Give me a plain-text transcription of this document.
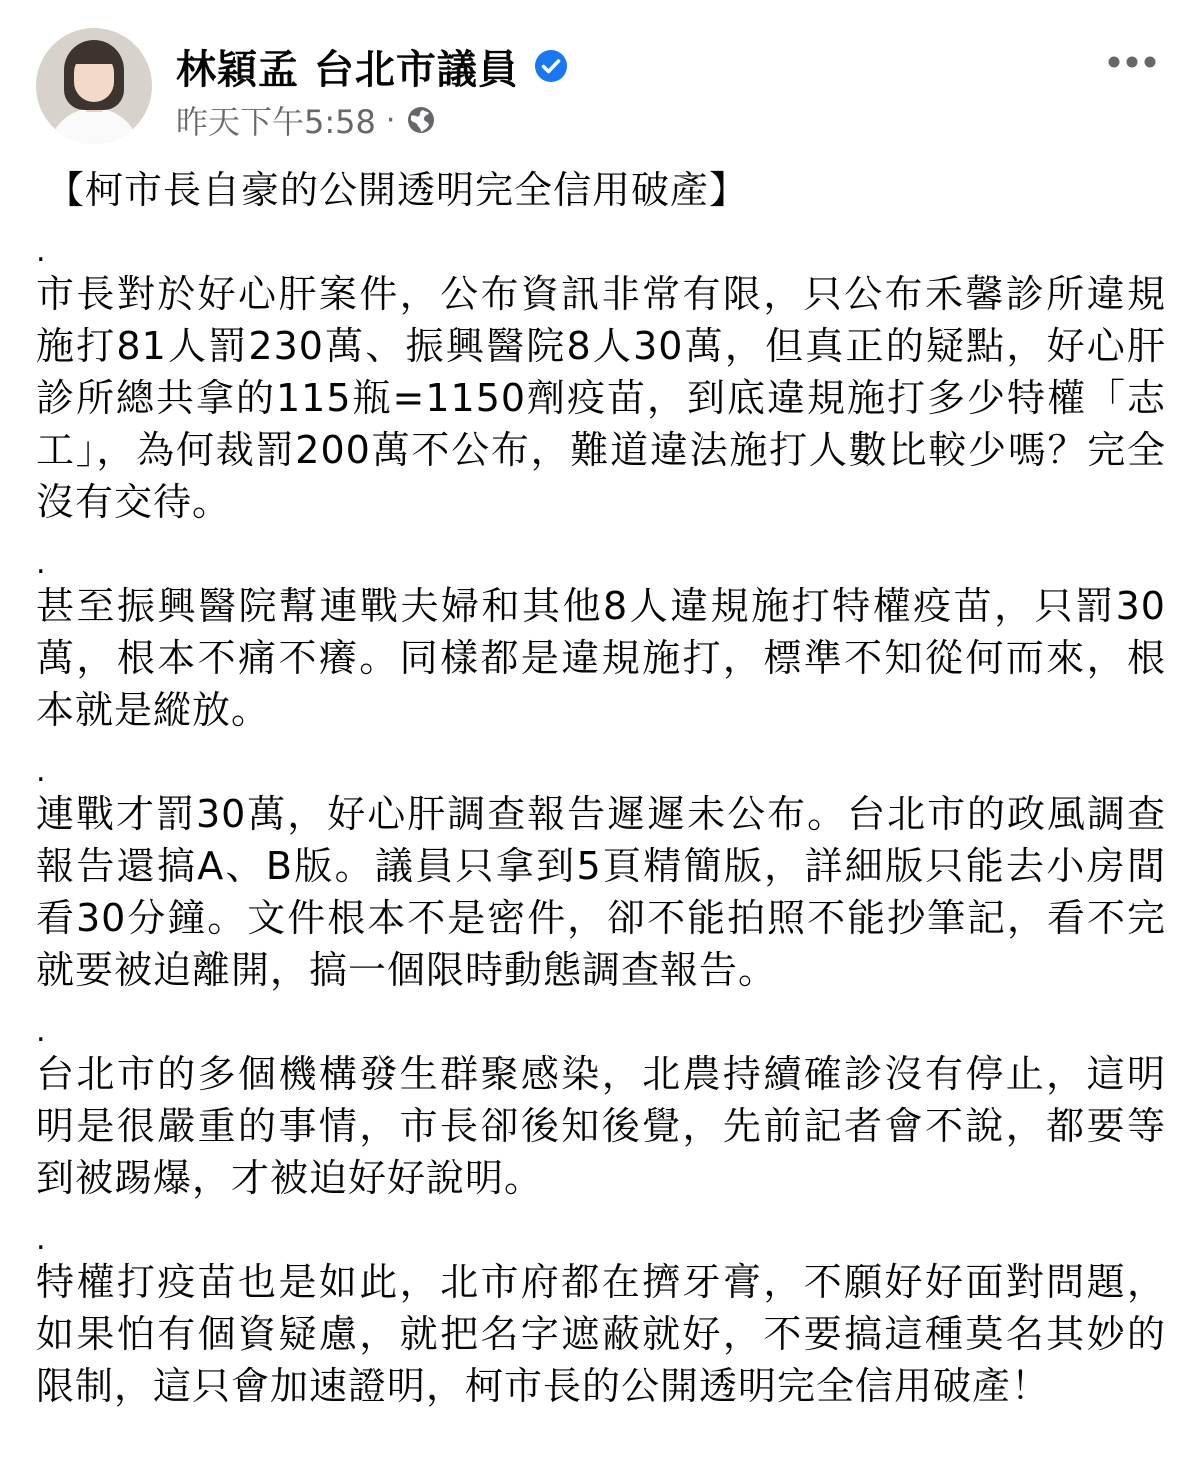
林穎孟 台北市議員
昨天下午5:58 ·

【柯市長自豪的公開透明完全信用破產】

.

市長對於好心肝案件，公布資訊非常有限，只公布禾馨診所違規施打81人罰230萬、振興醫院8人30萬，但真正的疑點，好心肝診所總共拿的115瓶=1150劑疫苗，到底違規施打多少特權「志工」，為何裁罰200萬不公布，難道違法施打人數比較少嗎？完全沒有交待。

.

甚至振興醫院幫連戰夫婦和其他8人違規施打特權疫苗，只罰30萬，根本不痛不癢。同樣都是違規施打，標準不知從何而來，根本就是縱放。

.

連戰才罰30萬，好心肝調查報告遲遲未公布。台北市的政風調查報告還搞A、B版。議員只拿到5頁精簡版，詳細版只能去小房間看30分鐘。文件根本不是密件，卻不能拍照不能抄筆記，看不完就要被迫離開，搞一個限時動態調查報告。

.

台北市的多個機構發生群聚感染，北農持續確診沒有停止，這明明是很嚴重的事情，市長卻後知後覺，先前記者會不說，都要等到被踢爆，才被迫好好說明。

.

特權打疫苗也是如此，北市府都在擠牙膏，不願好好面對問題，如果怕有個資疑慮，就把名字遮蔽就好，不要搞這種莫名其妙的限制，這只會加速證明，柯市長的公開透明完全信用破產！
